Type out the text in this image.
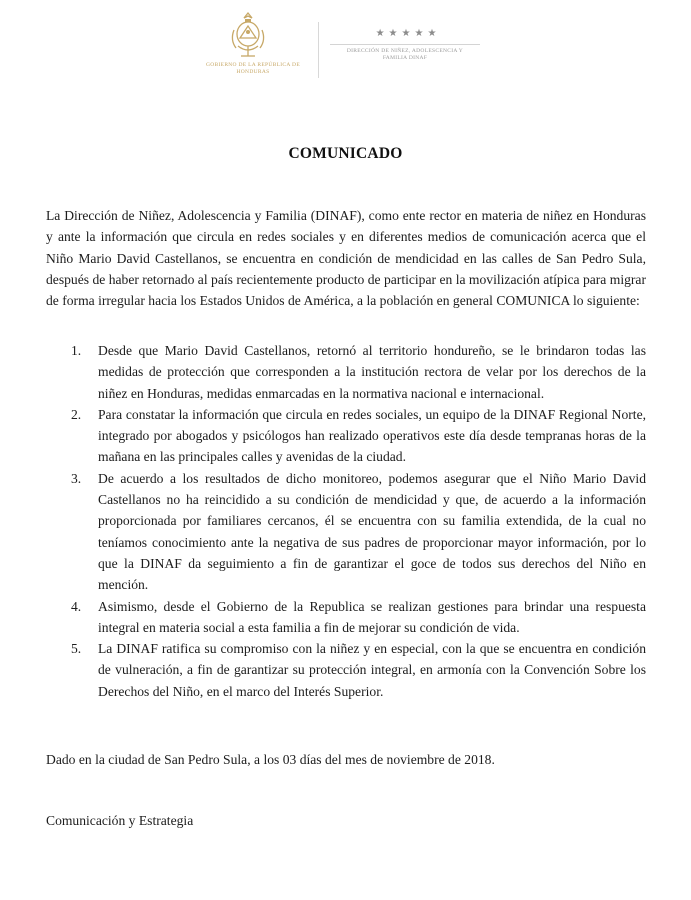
GOBIERNO DE LA REPÚBLICA DE HONDURAS
★★★★★
DIRECCIÓN DE NIÑEZ, ADOLESCENCIA Y FAMILIA DINAF
COMUNICADO

La Dirección de Niñez, Adolescencia y Familia (DINAF), como ente rector en materia de niñez en Honduras y ante la información que circula en redes sociales y en diferentes medios de comunicación acerca que el Niño Mario David Castellanos, se encuentra en condición de mendicidad en las calles de San Pedro Sula, después de haber retornado al país recientemente producto de participar en la movilización atípica para migrar de forma irregular hacia los Estados Unidos de América, a la población en general COMUNICA lo siguiente:

1. Desde que Mario David Castellanos, retornó al territorio hondureño, se le brindaron todas las medidas de protección que corresponden a la institución rectora de velar por los derechos de la niñez en Honduras, medidas enmarcadas en la normativa nacional e internacional.
2. Para constatar la información que circula en redes sociales, un equipo de la DINAF Regional Norte, integrado por abogados y psicólogos han realizado operativos este día desde tempranas horas de la mañana en las principales calles y avenidas de la ciudad.
3. De acuerdo a los resultados de dicho monitoreo, podemos asegurar que el Niño Mario David Castellanos no ha reincidido a su condición de mendicidad y que, de acuerdo a la información proporcionada por familiares cercanos, él se encuentra con su familia extendida, de la cual no teníamos conocimiento ante la negativa de sus padres de proporcionar mayor información, por lo que la DINAF da seguimiento a fin de garantizar el goce de todos sus derechos del Niño en mención.
4. Asimismo, desde el Gobierno de la Republica se realizan gestiones para brindar una respuesta integral en materia social a esta familia a fin de mejorar su condición de vida.
5. La DINAF ratifica su compromiso con la niñez y en especial, con la que se encuentra en condición de vulneración, a fin de garantizar su protección integral, en armonía con la Convención Sobre los Derechos del Niño, en el marco del Interés Superior.

Dado en la ciudad de San Pedro Sula, a los 03 días del mes de noviembre de 2018.

Comunicación y Estrategia
